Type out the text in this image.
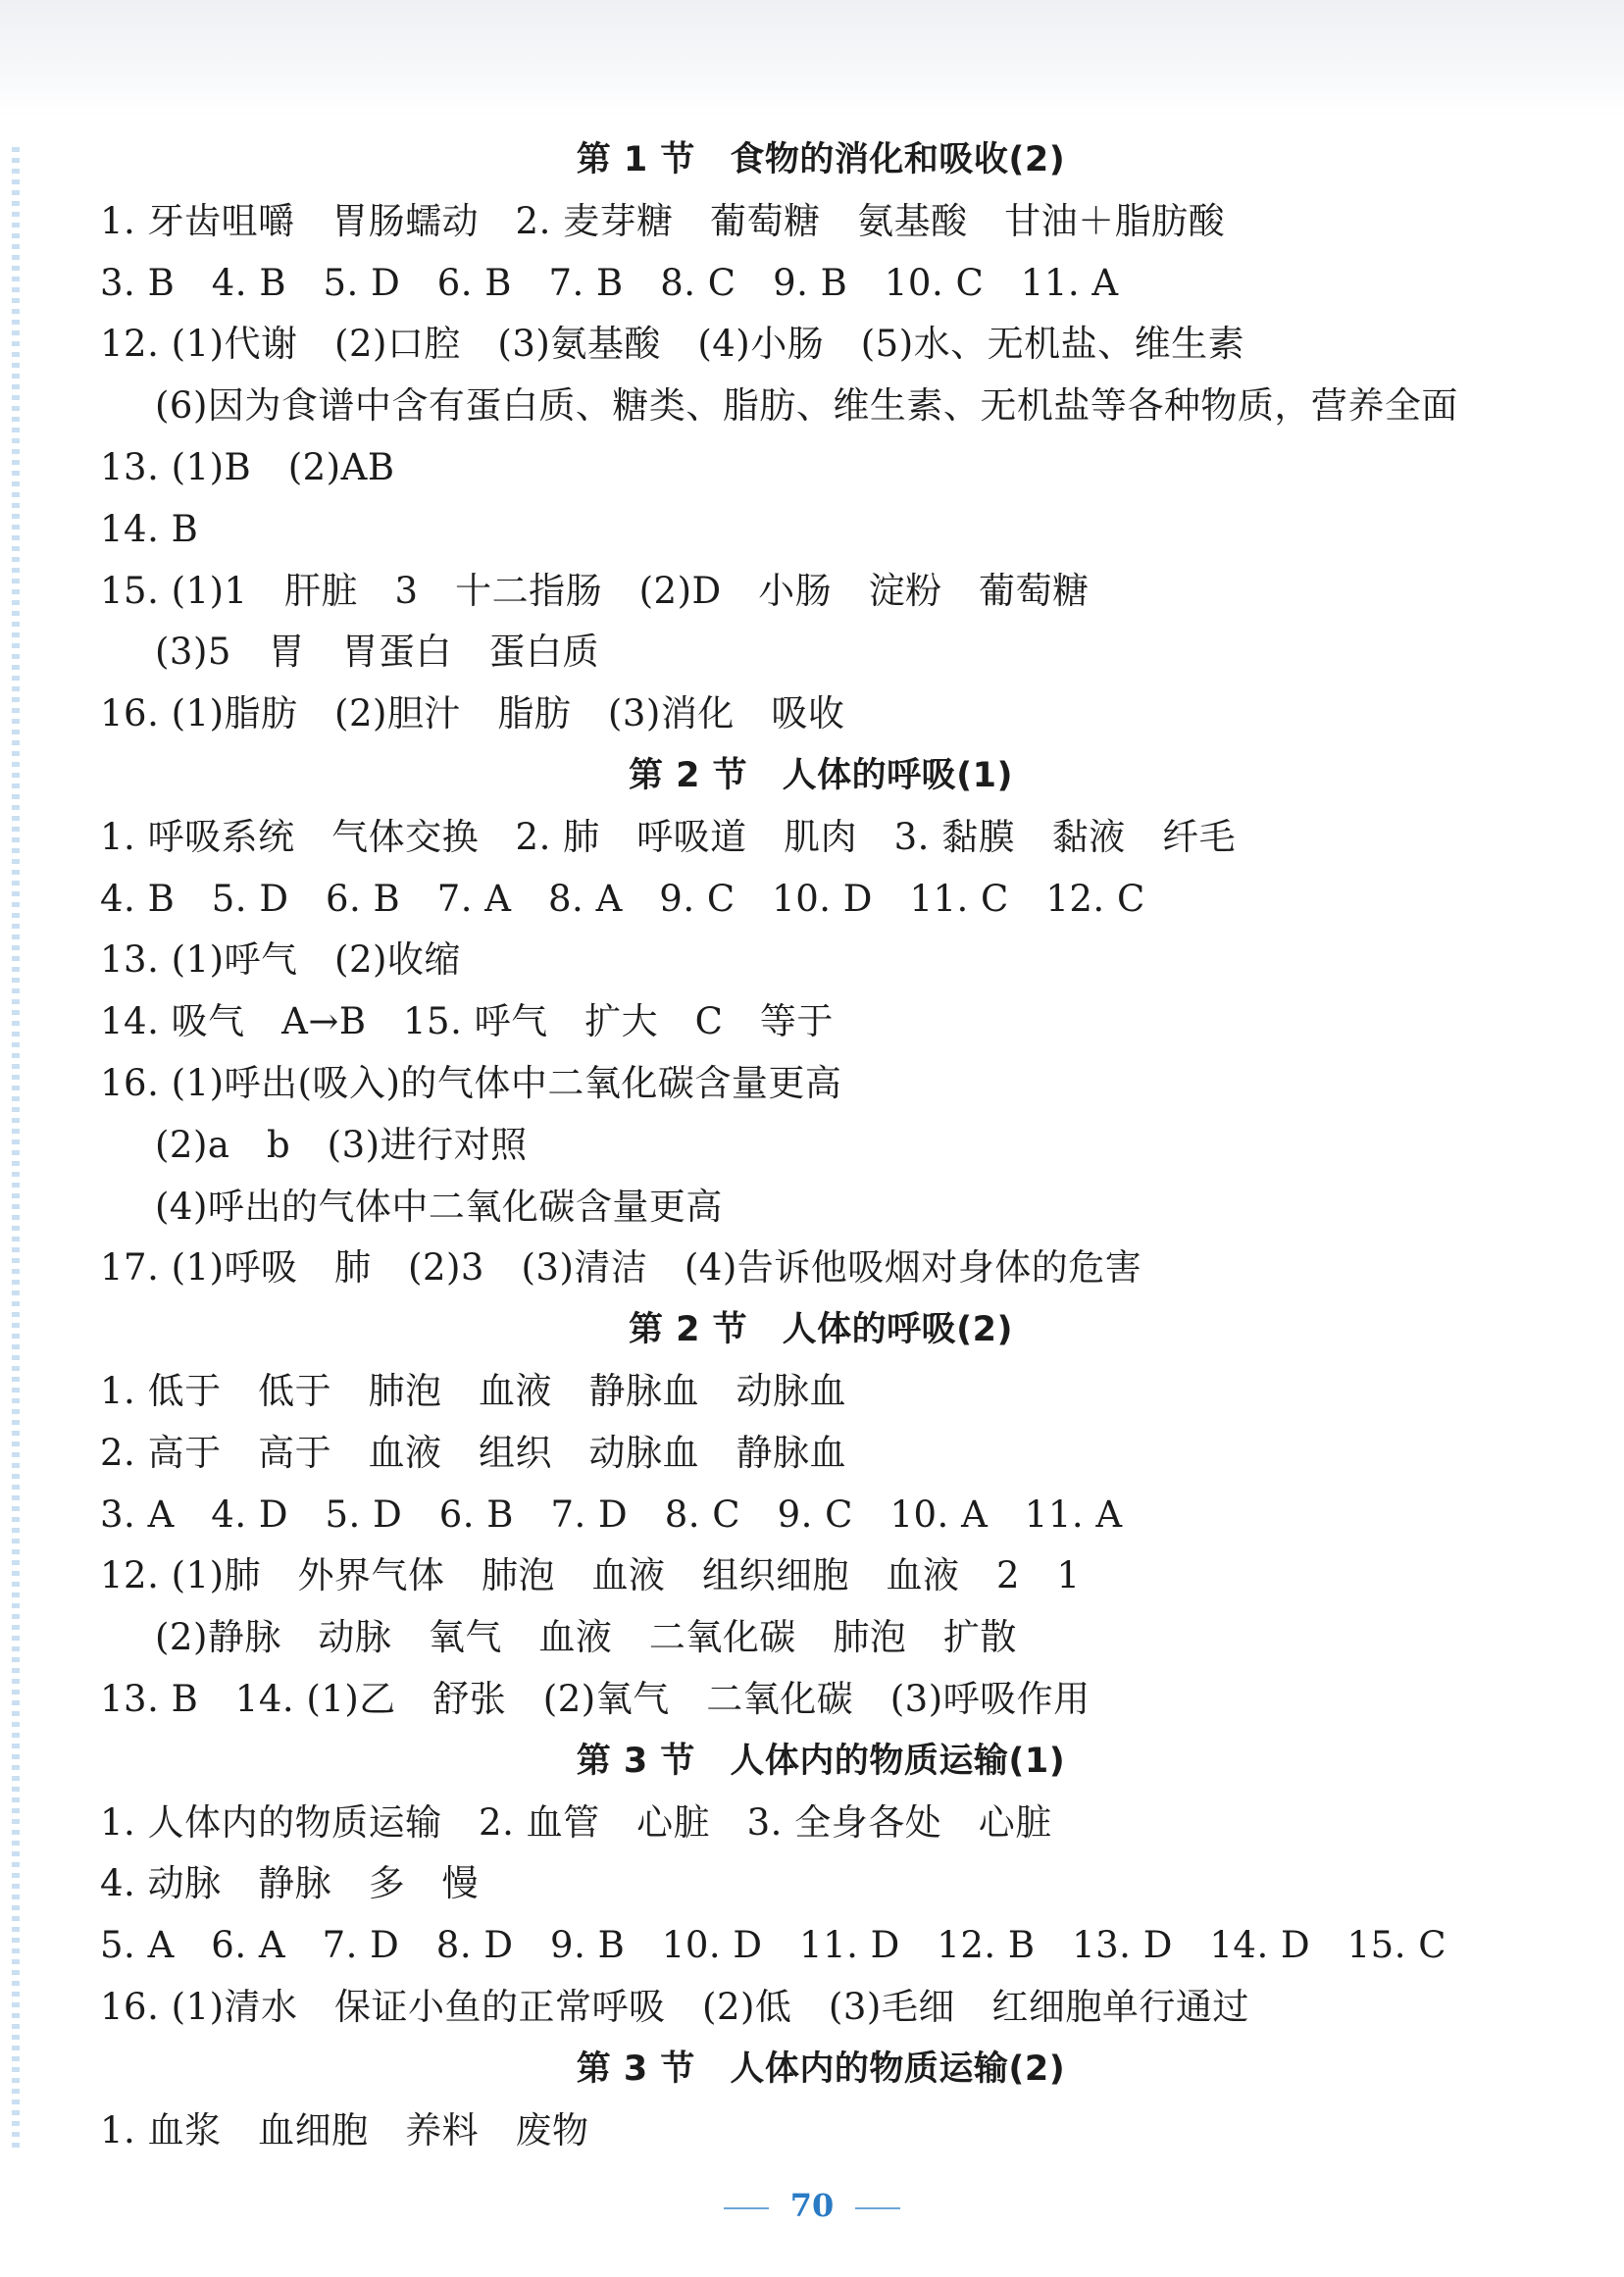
第 1 节　食物的消化和吸收(2)
1. 牙齿咀嚼　胃肠蠕动　2. 麦芽糖　葡萄糖　氨基酸　甘油＋脂肪酸
3. B　4. B　5. D　6. B　7. B　8. C　9. B　10. C　11. A
12. (1)代谢　(2)口腔　(3)氨基酸　(4)小肠　(5)水、无机盐、维生素
(6)因为食谱中含有蛋白质、糖类、脂肪、维生素、无机盐等各种物质，营养全面
13. (1)B　(2)AB
14. B
15. (1)1　肝脏　3　十二指肠　(2)D　小肠　淀粉　葡萄糖
(3)5　胃　胃蛋白　蛋白质
16. (1)脂肪　(2)胆汁　脂肪　(3)消化　吸收
第 2 节　人体的呼吸(1)
1. 呼吸系统　气体交换　2. 肺　呼吸道　肌肉　3. 黏膜　黏液　纤毛
4. B　5. D　6. B　7. A　8. A　9. C　10. D　11. C　12. C
13. (1)呼气　(2)收缩
14. 吸气　A→B　15. 呼气　扩大　C　等于
16. (1)呼出(吸入)的气体中二氧化碳含量更高
(2)a　b　(3)进行对照
(4)呼出的气体中二氧化碳含量更高
17. (1)呼吸　肺　(2)3　(3)清洁　(4)告诉他吸烟对身体的危害
第 2 节　人体的呼吸(2)
1. 低于　低于　肺泡　血液　静脉血　动脉血
2. 高于　高于　血液　组织　动脉血　静脉血
3. A　4. D　5. D　6. B　7. D　8. C　9. C　10. A　11. A
12. (1)肺　外界气体　肺泡　血液　组织细胞　血液　2　1
(2)静脉　动脉　氧气　血液　二氧化碳　肺泡　扩散
13. B　14. (1)乙　舒张　(2)氧气　二氧化碳　(3)呼吸作用
第 3 节　人体内的物质运输(1)
1. 人体内的物质运输　2. 血管　心脏　3. 全身各处　心脏
4. 动脉　静脉　多　慢
5. A　6. A　7. D　8. D　9. B　10. D　11. D　12. B　13. D　14. D　15. C
16. (1)清水　保证小鱼的正常呼吸　(2)低　(3)毛细　红细胞单行通过
第 3 节　人体内的物质运输(2)
1. 血浆　血细胞　养料　废物
70
